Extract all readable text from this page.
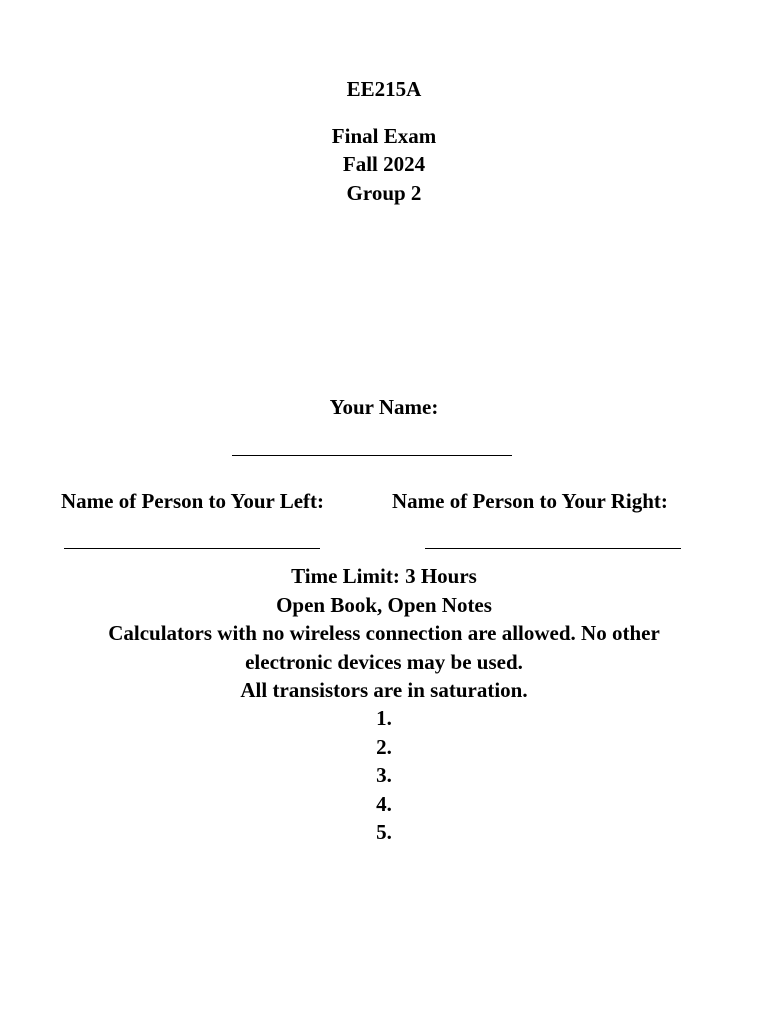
EE215A
Final Exam
Fall 2024
Group 2
Your Name:
Name of Person to Your Left:	Name of Person to Your Right:
Time Limit: 3 Hours
Open Book, Open Notes
Calculators with no wireless connection are allowed. No other
electronic devices may be used.
All transistors are in saturation.
1.
2.
3.
4.
5.
